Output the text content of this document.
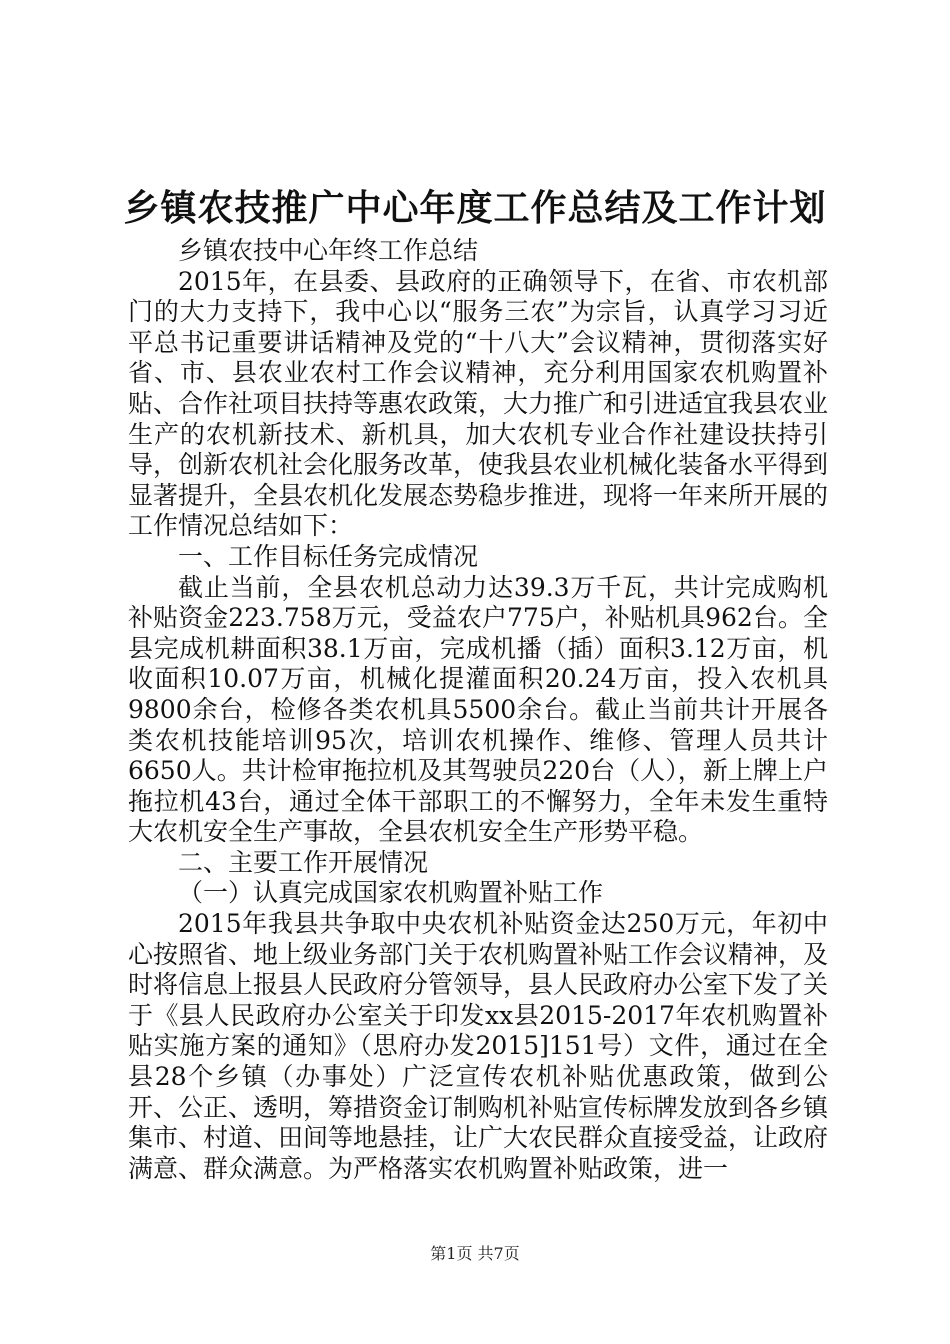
乡镇农技推广中心年度工作总结及工作计划

乡镇农技中心年终工作总结

2015年，在县委、县政府的正确领导下，在省、市农机部门的大力支持下，我中心以“服务三农”为宗旨，认真学习习近平总书记重要讲话精神及党的“十八大”会议精神，贯彻落实好省、市、县农业农村工作会议精神，充分利用国家农机购置补贴、合作社项目扶持等惠农政策，大力推广和引进适宜我县农业生产的农机新技术、新机具，加大农机专业合作社建设扶持引导，创新农机社会化服务改革，使我县农业机械化装备水平得到显著提升，全县农机化发展态势稳步推进，现将一年来所开展的工作情况总结如下：

一、工作目标任务完成情况

截止当前，全县农机总动力达39.3万千瓦，共计完成购机补贴资金223.758万元，受益农户775户，补贴机具962台。全县完成机耕面积38.1万亩，完成机播（插）面积3.12万亩，机收面积10.07万亩，机械化提灌面积20.24万亩，投入农机具9800余台，检修各类农机具5500余台。截止当前共计开展各类农机技能培训95次，培训农机操作、维修、管理人员共计6650人。共计检审拖拉机及其驾驶员220台（人），新上牌上户拖拉机43台，通过全体干部职工的不懈努力，全年未发生重特大农机安全生产事故，全县农机安全生产形势平稳。

二、主要工作开展情况

（一）认真完成国家农机购置补贴工作

2015年我县共争取中央农机补贴资金达250万元，年初中心按照省、地上级业务部门关于农机购置补贴工作会议精神，及时将信息上报县人民政府分管领导，县人民政府办公室下发了关于《县人民政府办公室关于印发xx县2015-2017年农机购置补贴实施方案的通知》（思府办发2015]151号）文件，通过在全县28个乡镇（办事处）广泛宣传农机补贴优惠政策，做到公开、公正、透明，筹措资金订制购机补贴宣传标牌发放到各乡镇集市、村道、田间等地悬挂，让广大农民群众直接受益，让政府满意、群众满意。为严格落实农机购置补贴政策，进一

第1页 共7页
